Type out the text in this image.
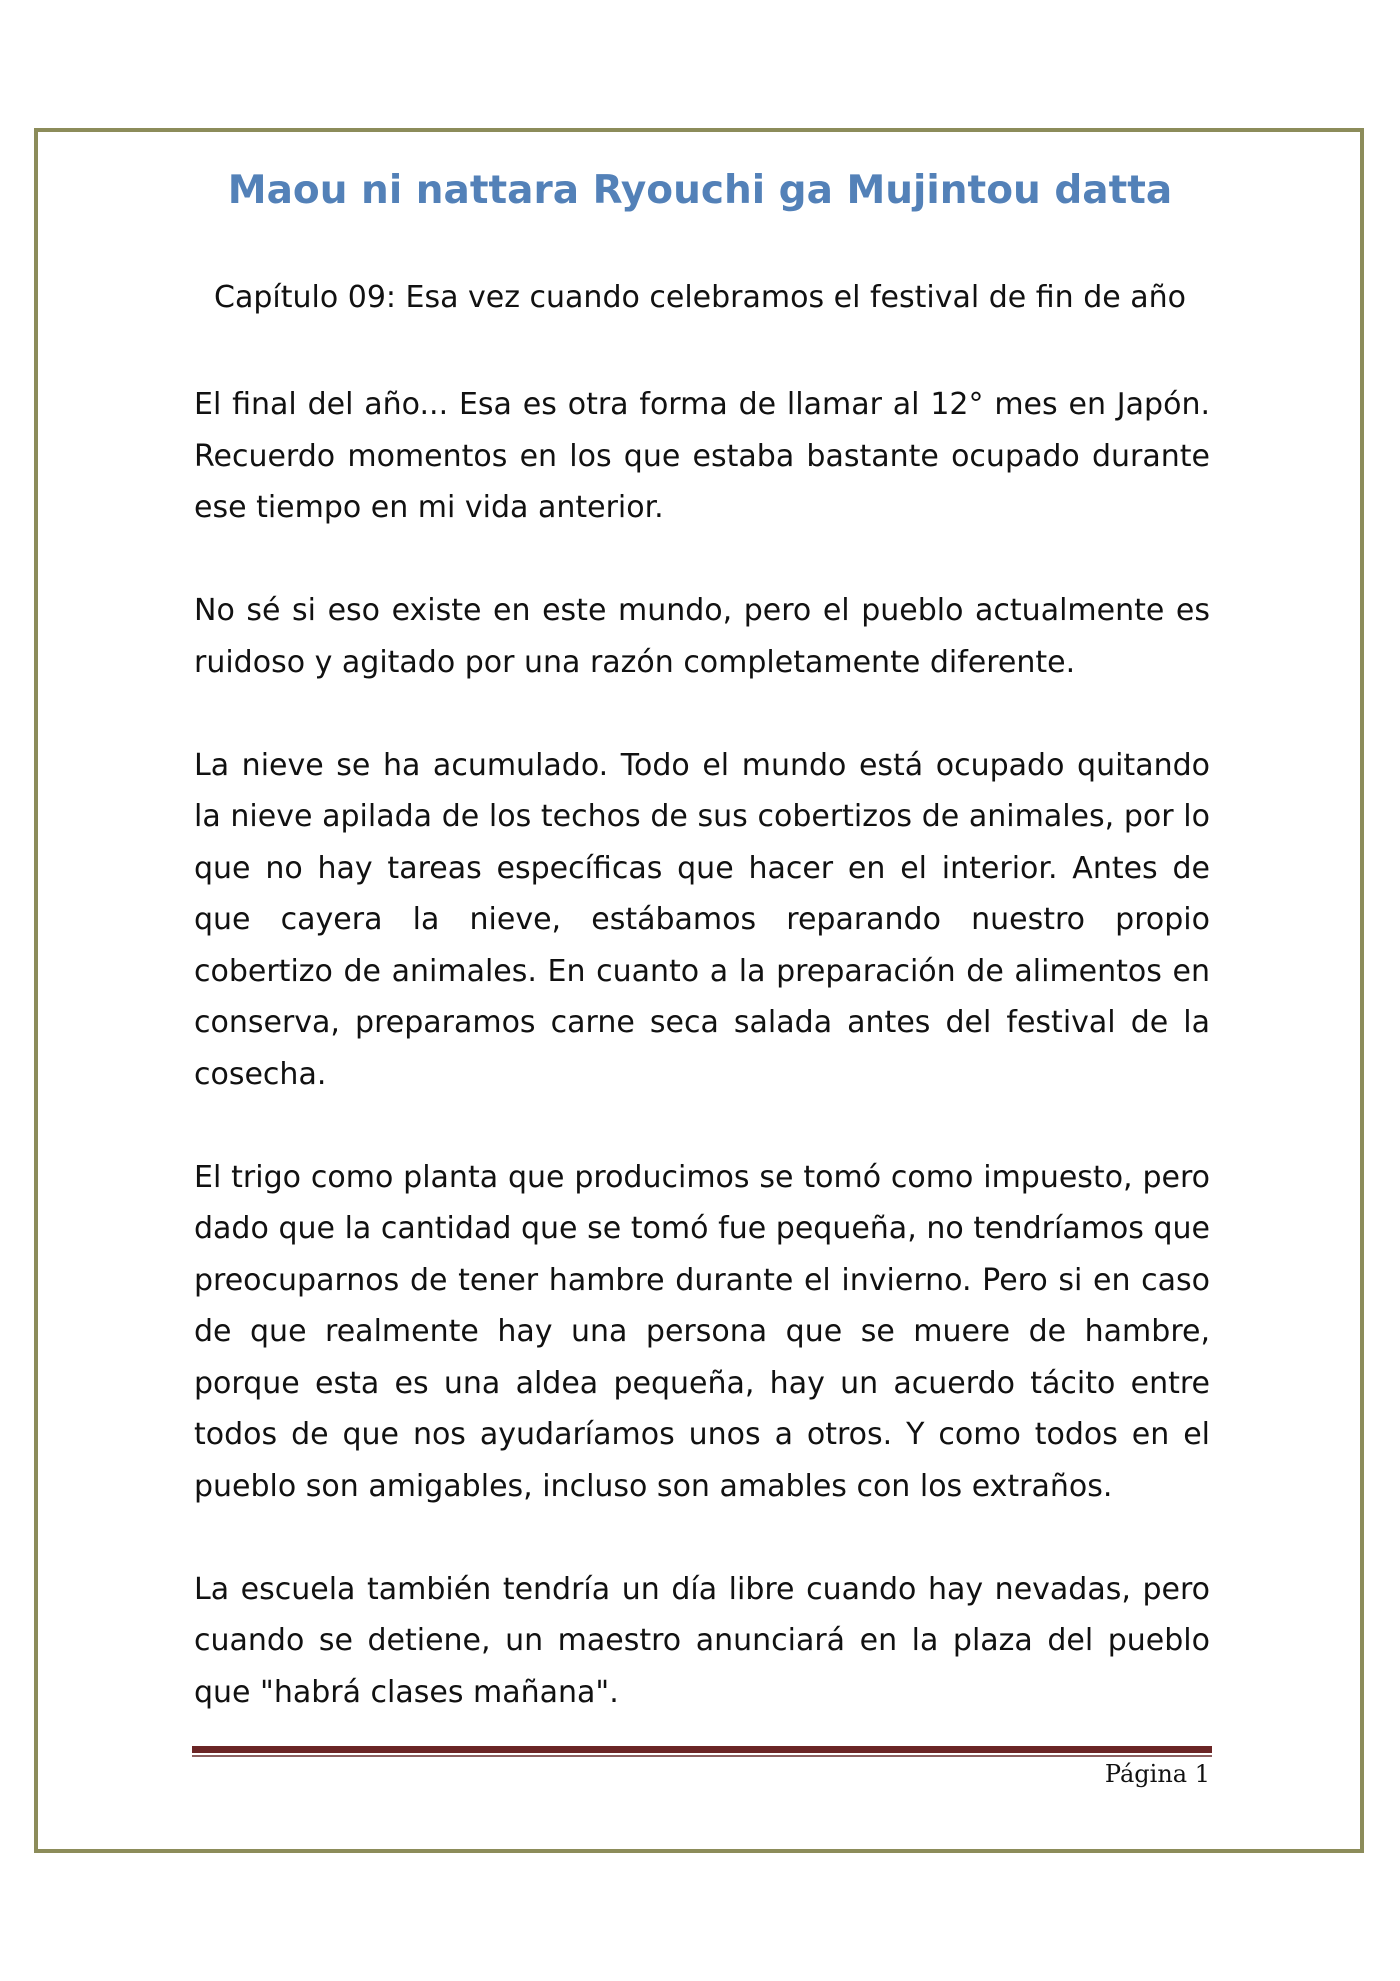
Maou ni nattara Ryouchi ga Mujintou datta
Capítulo 09: Esa vez cuando celebramos el festival de fin de año

El final del año... Esa es otra forma de llamar al 12° mes en Japón. Recuerdo momentos en los que estaba bastante ocupado durante ese tiempo en mi vida anterior.

No sé si eso existe en este mundo, pero el pueblo actualmente es ruidoso y agitado por una razón completamente diferente.

La nieve se ha acumulado. Todo el mundo está ocupado quitando la nieve apilada de los techos de sus cobertizos de animales, por lo que no hay tareas específicas que hacer en el interior. Antes de que cayera la nieve, estábamos reparando nuestro propio cobertizo de animales. En cuanto a la preparación de alimentos en conserva, preparamos carne seca salada antes del festival de la cosecha.

El trigo como planta que producimos se tomó como impuesto, pero dado que la cantidad que se tomó fue pequeña, no tendríamos que preocuparnos de tener hambre durante el invierno. Pero si en caso de que realmente hay una persona que se muere de hambre, porque esta es una aldea pequeña, hay un acuerdo tácito entre todos de que nos ayudaríamos unos a otros. Y como todos en el pueblo son amigables, incluso son amables con los extraños.

La escuela también tendría un día libre cuando hay nevadas, pero cuando se detiene, un maestro anunciará en la plaza del pueblo que "habrá clases mañana".

Página 1
